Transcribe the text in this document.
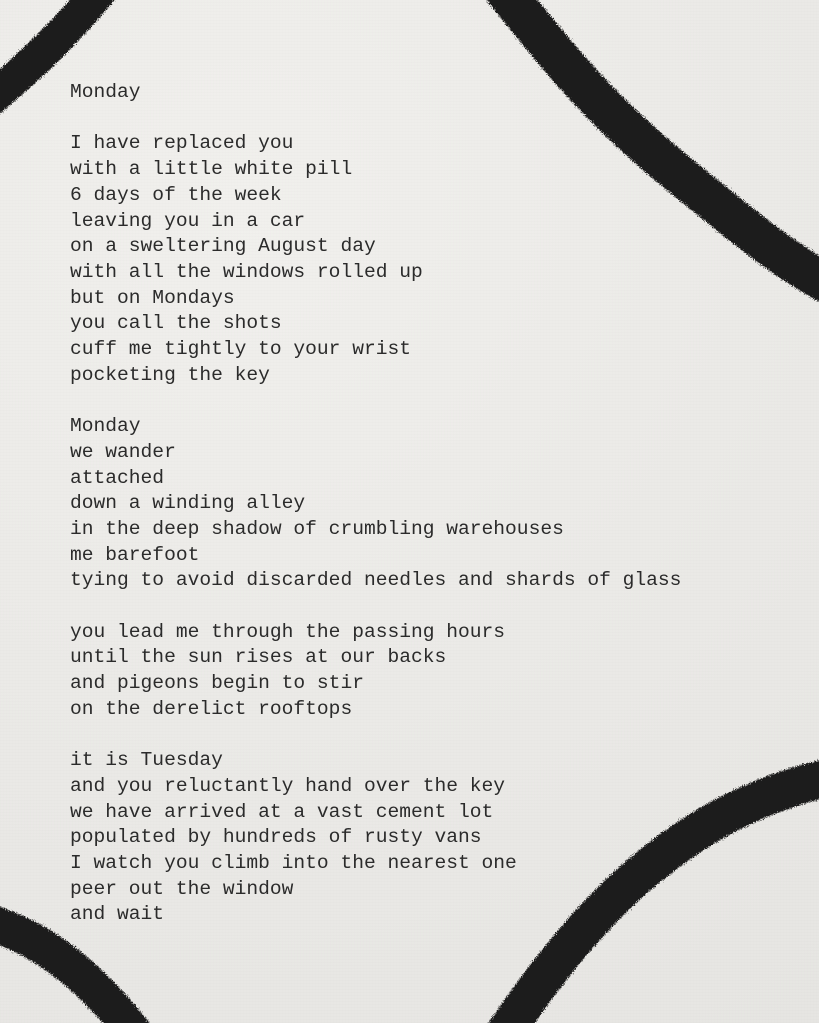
Monday
I have replaced you
with a little white pill
6 days of the week
leaving you in a car
on a sweltering August day
with all the windows rolled up
but on Mondays
you call the shots
cuff me tightly to your wrist
pocketing the key
Monday
we wander
attached
down a winding alley
in the deep shadow of crumbling warehouses
me barefoot
tying to avoid discarded needles and shards of glass
you lead me through the passing hours
until the sun rises at our backs
and pigeons begin to stir
on the derelict rooftops
it is Tuesday
and you reluctantly hand over the key
we have arrived at a vast cement lot
populated by hundreds of rusty vans
I watch you climb into the nearest one
peer out the window
and wait
